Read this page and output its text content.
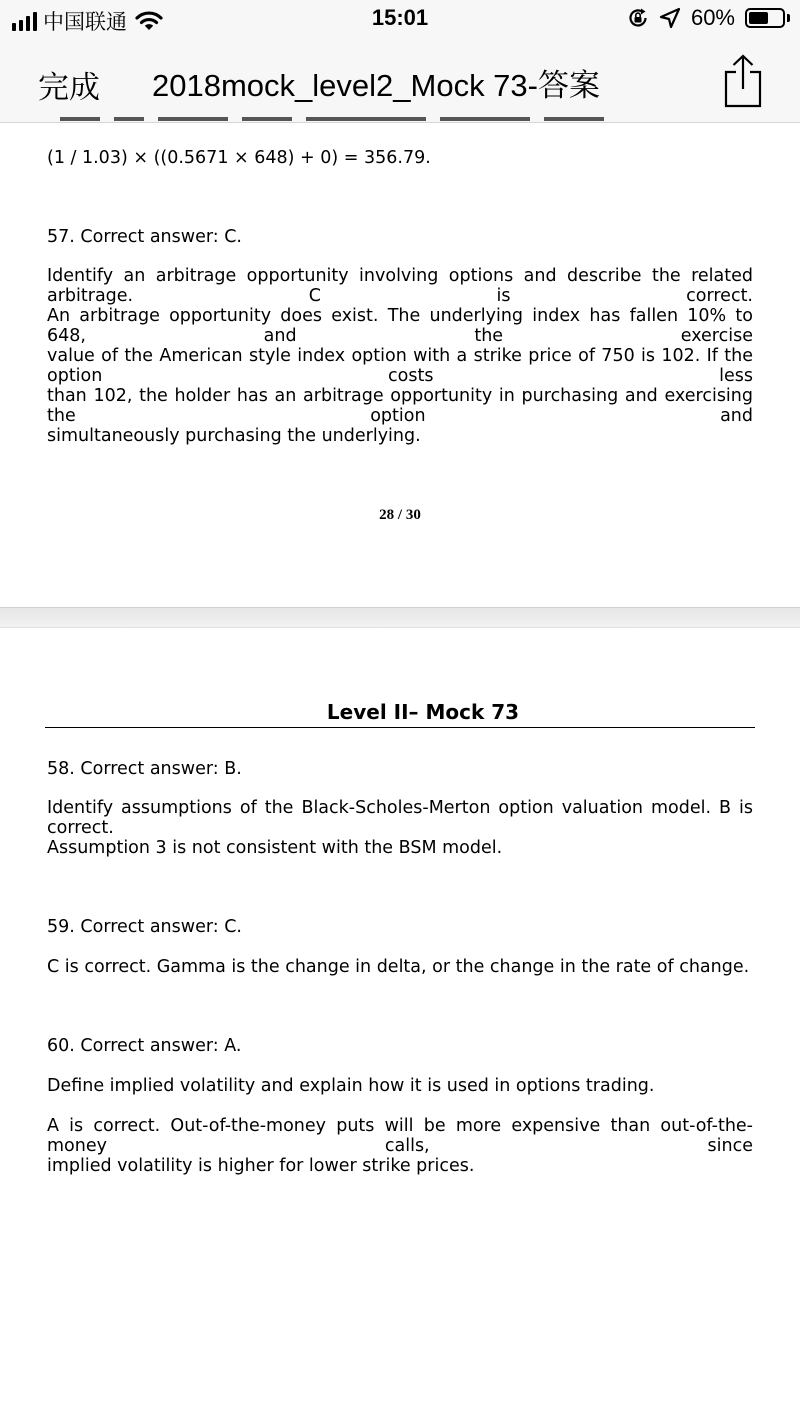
中国联通	15:01	60%
完成 2018mock_level2_Mock 73-答案
(1 / 1.03) × ((0.5671 × 648) + 0) = 356.79.
57. Correct answer: C.
Identify an arbitrage opportunity involving options and describe the related arbitrage. C is correct.
An arbitrage opportunity does exist. The underlying index has fallen 10% to 648, and the exercise
value of the American style index option with a strike price of 750 is 102. If the option costs less
than 102, the holder has an arbitrage opportunity in purchasing and exercising the option and
simultaneously purchasing the underlying.
28 / 30
Level II– Mock 73
58. Correct answer: B.
Identify assumptions of the Black-Scholes-Merton option valuation model. B is correct.
Assumption 3 is not consistent with the BSM model.
59. Correct answer: C.
C is correct. Gamma is the change in delta, or the change in the rate of change.
60. Correct answer: A.
Define implied volatility and explain how it is used in options trading.
A is correct. Out-of-the-money puts will be more expensive than out-of-the-money calls, since
implied volatility is higher for lower strike prices.
